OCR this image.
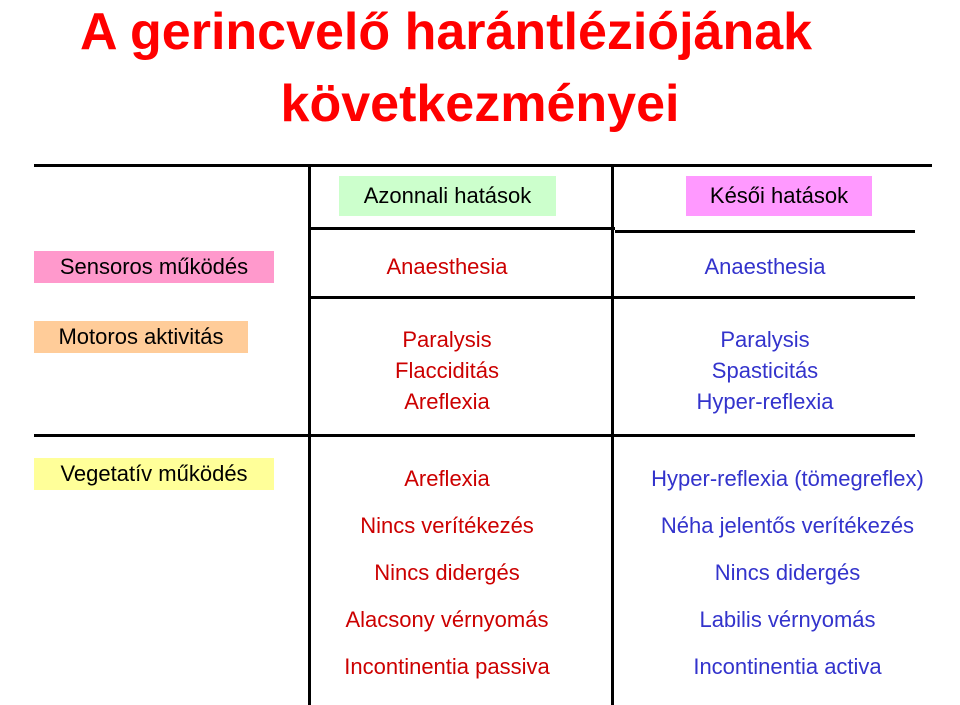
A gerincvelő harántléziójának
következményei
Azonnali hatások	Késői hatások
Sensoros működés
Motoros aktivitás
Vegetatív működés
Anaesthesia	Anaesthesia
Paralysis
Flacciditás
Areflexia
Paralysis
Spasticitás
Hyper-reflexia
Areflexia
Nincs verítékezés
Nincs didergés
Alacsony vérnyomás
Incontinentia passiva
Hyper-reflexia (tömegreflex)
Néha jelentős verítékezés
Nincs didergés
Labilis vérnyomás
Incontinentia activa
